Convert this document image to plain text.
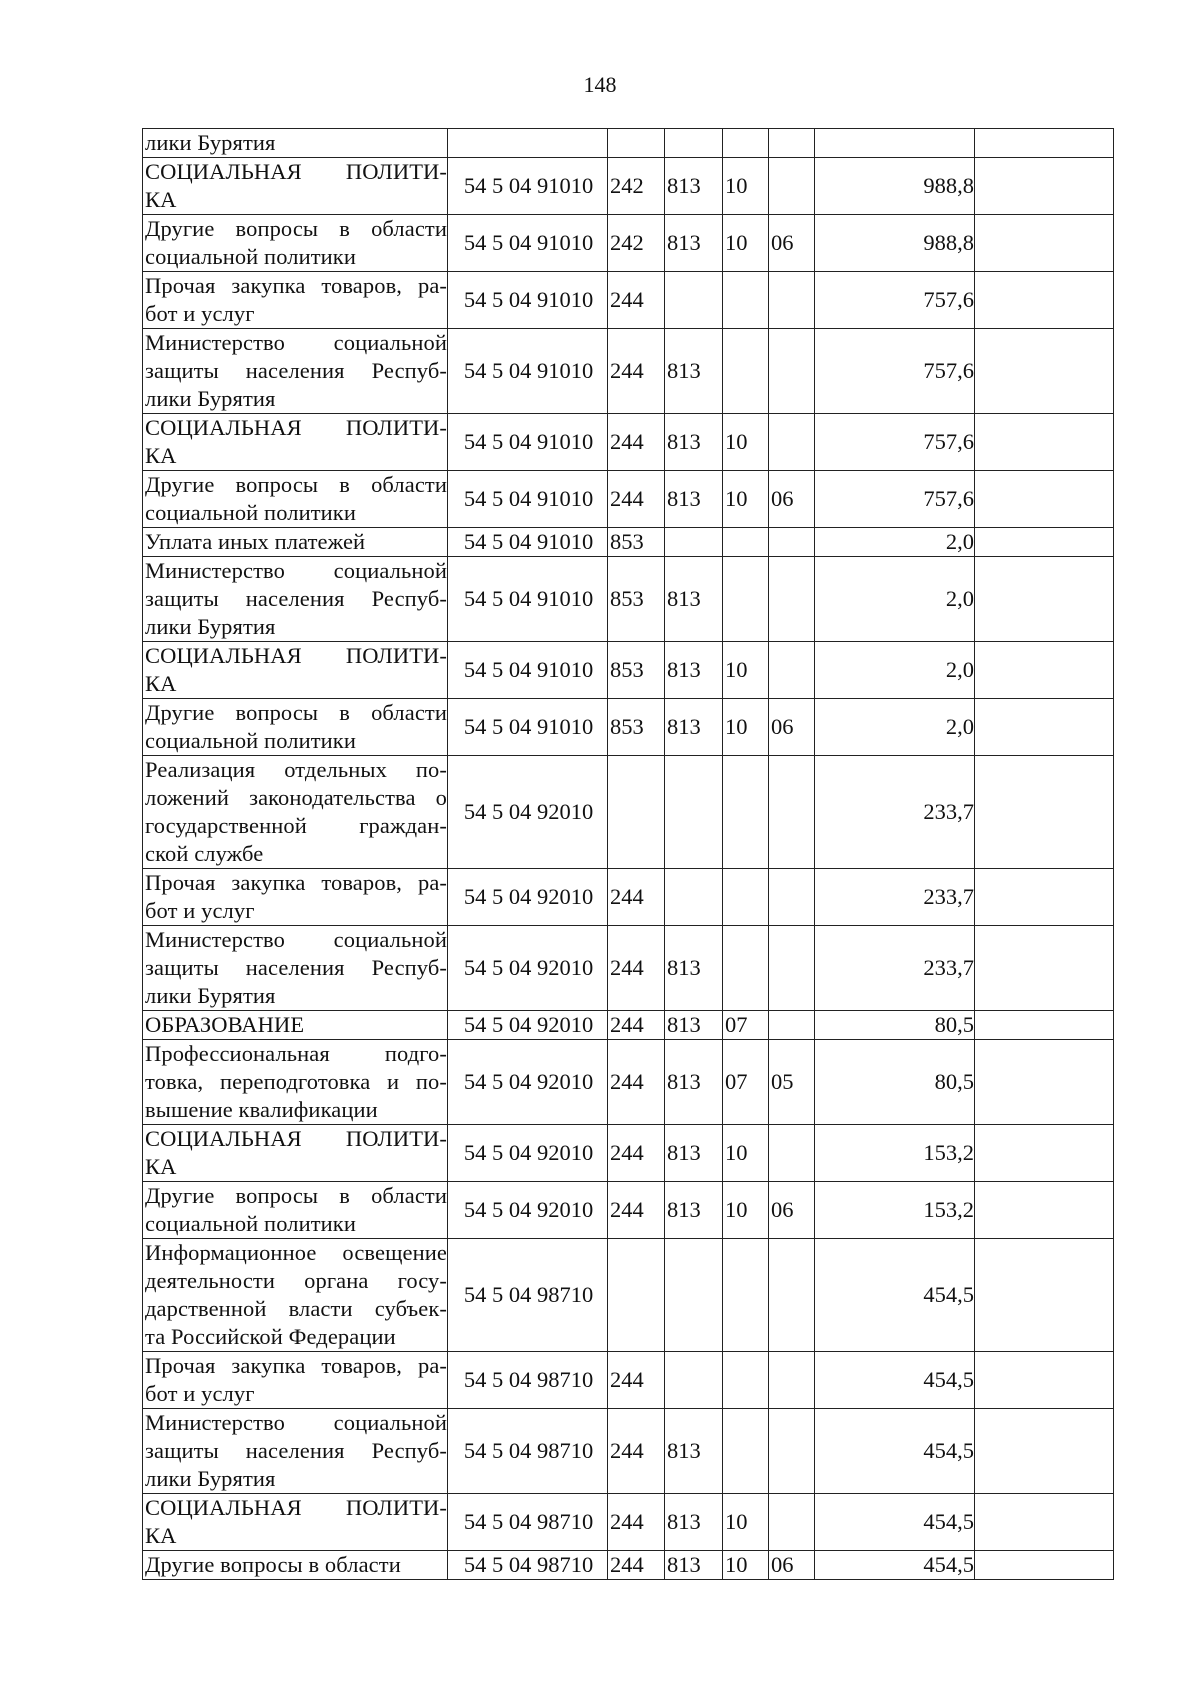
148
лики Бурятия							

СОЦИАЛЬНАЯ ПОЛИТИ-
КА	54 5 04 91010	242	813	10		988,8	

Другие вопросы в области
социальной политики	54 5 04 91010	242	813	10	06	988,8	

Прочая закупка товаров, ра-
бот и услуг	54 5 04 91010	244				757,6	

Министерство социальной
защиты населения Респуб-
лики Бурятия	54 5 04 91010	244	813			757,6	

СОЦИАЛЬНАЯ ПОЛИТИ-
КА	54 5 04 91010	244	813	10		757,6	

Другие вопросы в области
социальной политики	54 5 04 91010	244	813	10	06	757,6	

Уплата иных платежей	54 5 04 91010	853				2,0	

Министерство социальной
защиты населения Респуб-
лики Бурятия	54 5 04 91010	853	813			2,0	

СОЦИАЛЬНАЯ ПОЛИТИ-
КА	54 5 04 91010	853	813	10		2,0	

Другие вопросы в области
социальной политики	54 5 04 91010	853	813	10	06	2,0	

Реализация отдельных по-
ложений законодательства о
государственной граждан-
ской службе	54 5 04 92010					233,7	

Прочая закупка товаров, ра-
бот и услуг	54 5 04 92010	244				233,7	

Министерство социальной
защиты населения Респуб-
лики Бурятия	54 5 04 92010	244	813			233,7	

ОБРАЗОВАНИЕ	54 5 04 92010	244	813	07		80,5	

Профессиональная подго-
товка, переподготовка и по-
вышение квалификации	54 5 04 92010	244	813	07	05	80,5	

СОЦИАЛЬНАЯ ПОЛИТИ-
КА	54 5 04 92010	244	813	10		153,2	

Другие вопросы в области
социальной политики	54 5 04 92010	244	813	10	06	153,2	

Информационное освещение
деятельности органа госу-
дарственной власти субъек-
та Российской Федерации	54 5 04 98710					454,5	

Прочая закупка товаров, ра-
бот и услуг	54 5 04 98710	244				454,5	

Министерство социальной
защиты населения Респуб-
лики Бурятия	54 5 04 98710	244	813			454,5	

СОЦИАЛЬНАЯ ПОЛИТИ-
КА	54 5 04 98710	244	813	10		454,5	

Другие вопросы в области	54 5 04 98710	244	813	10	06	454,5	
